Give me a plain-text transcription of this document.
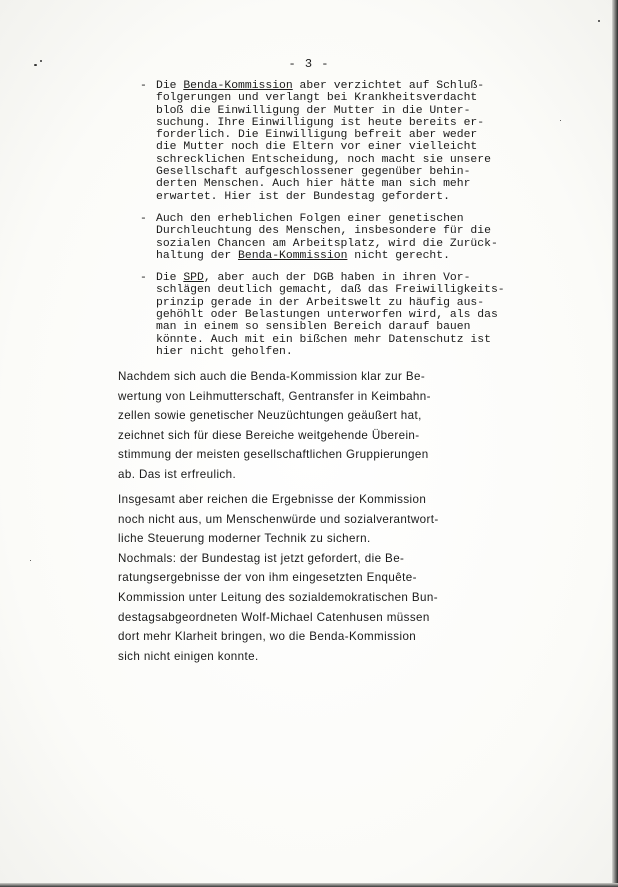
- 3 -
- Die Benda-Kommission aber verzichtet auf Schluß-
folgerungen und verlangt bei Krankheitsverdacht
bloß die Einwilligung der Mutter in die Unter-
suchung. Ihre Einwilligung ist heute bereits er-
forderlich. Die Einwilligung befreit aber weder
die Mutter noch die Eltern vor einer vielleicht
schrecklichen Entscheidung, noch macht sie unsere
Gesellschaft aufgeschlossener gegenüber behin-
derten Menschen. Auch hier hätte man sich mehr
erwartet. Hier ist der Bundestag gefordert.
- Auch den erheblichen Folgen einer genetischen
Durchleuchtung des Menschen, insbesondere für die
sozialen Chancen am Arbeitsplatz, wird die Zurück-
haltung der Benda-Kommission nicht gerecht.
- Die SPD, aber auch der DGB haben in ihren Vor-
schlägen deutlich gemacht, daß das Freiwilligkeits-
prinzip gerade in der Arbeitswelt zu häufig aus-
gehöhlt oder Belastungen unterworfen wird, als das
man in einem so sensiblen Bereich darauf bauen
könnte. Auch mit ein bißchen mehr Datenschutz ist
hier nicht geholfen.
Nachdem sich auch die Benda-Kommission klar zur Be-
wertung von Leihmutterschaft, Gentransfer in Keimbahn-
zellen sowie genetischer Neuzüchtungen geäußert hat,
zeichnet sich für diese Bereiche weitgehende Überein-
stimmung der meisten gesellschaftlichen Gruppierungen
ab. Das ist erfreulich.
Insgesamt aber reichen die Ergebnisse der Kommission
noch nicht aus, um Menschenwürde und sozialverantwort-
liche Steuerung moderner Technik zu sichern.
Nochmals: der Bundestag ist jetzt gefordert, die Be-
ratungsergebnisse der von ihm eingesetzten Enquête-
Kommission unter Leitung des sozialdemokratischen Bun-
destagsabgeordneten Wolf-Michael Catenhusen müssen
dort mehr Klarheit bringen, wo die Benda-Kommission
sich nicht einigen konnte.
